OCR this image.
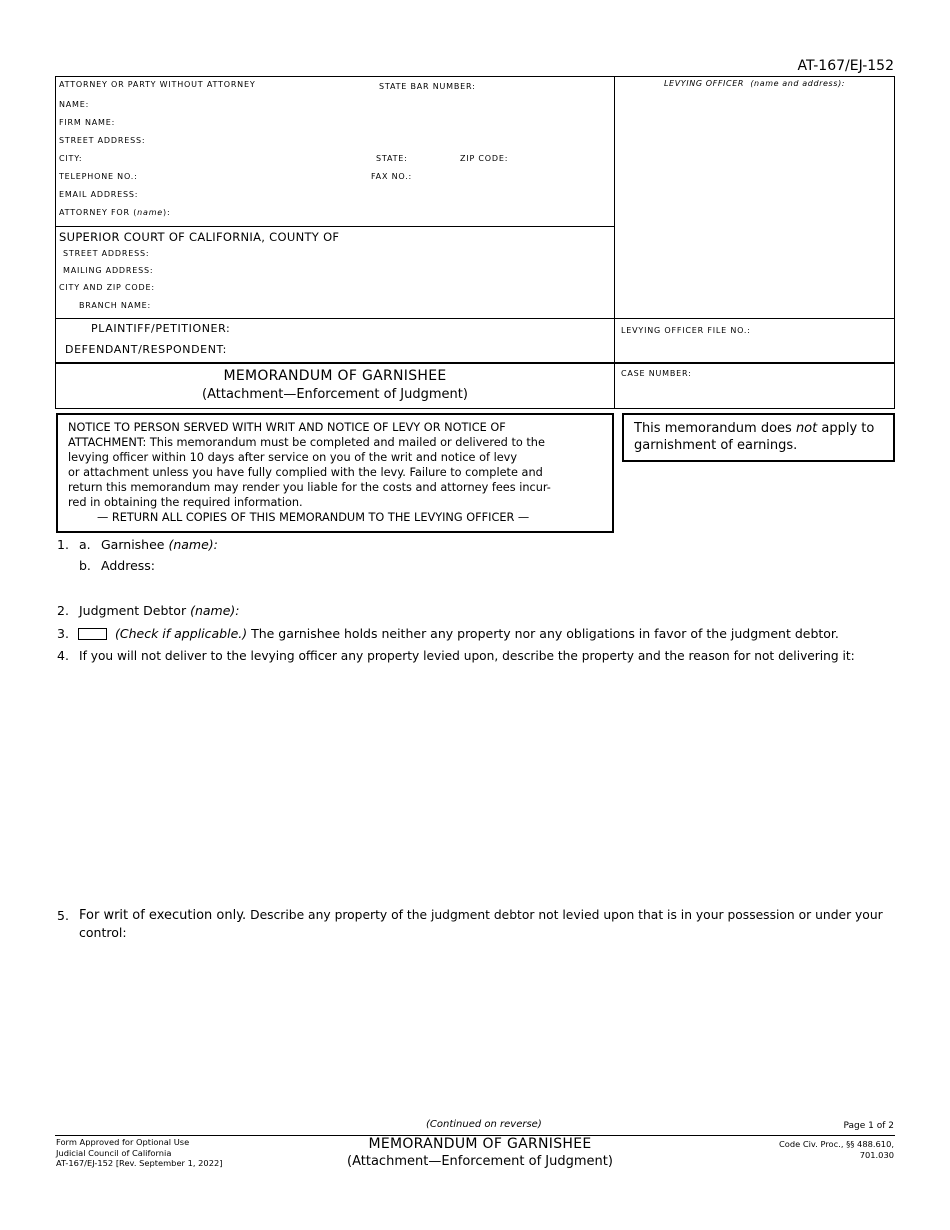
AT-167/EJ-152
ATTORNEY OR PARTY WITHOUT ATTORNEY	STATE BAR NUMBER:	LEVYING OFFICER (name and address):
NAME:
FIRM NAME:
STREET ADDRESS:
CITY:	STATE:	ZIP CODE:
TELEPHONE NO.:	FAX NO.:
EMAIL ADDRESS:
ATTORNEY FOR (name):
SUPERIOR COURT OF CALIFORNIA, COUNTY OF
STREET ADDRESS:
MAILING ADDRESS:
CITY AND ZIP CODE:
BRANCH NAME:
PLAINTIFF/PETITIONER:
DEFENDANT/RESPONDENT:
LEVYING OFFICER FILE NO.:
CASE NUMBER:
MEMORANDUM OF GARNISHEE
(Attachment—Enforcement of Judgment)
NOTICE TO PERSON SERVED WITH WRIT AND NOTICE OF LEVY OR NOTICE OF
ATTACHMENT: This memorandum must be completed and mailed or delivered to the
levying officer within 10 days after service on you of the writ and notice of levy
or attachment unless you have fully complied with the levy. Failure to complete and
return this memorandum may render you liable for the costs and attorney fees incur-
red in obtaining the required information.
— RETURN ALL COPIES OF THIS MEMORANDUM TO THE LEVYING OFFICER —
This memorandum does not apply to
garnishment of earnings.
1. a. Garnishee (name):
b. Address:
2. Judgment Debtor (name):
3.	(Check if applicable.) The garnishee holds neither any property nor any obligations in favor of the judgment debtor.
4. If you will not deliver to the levying officer any property levied upon, describe the property and the reason for not delivering it:
5. For writ of execution only. Describe any property of the judgment debtor not levied upon that is in your possession or under your
control:
(Continued on reverse)	Page 1 of 2
Form Approved for Optional Use
Judicial Council of California
AT-167/EJ-152 [Rev. September 1, 2022]
MEMORANDUM OF GARNISHEE
(Attachment—Enforcement of Judgment)
Code Civ. Proc., §§ 488.610,
701.030
